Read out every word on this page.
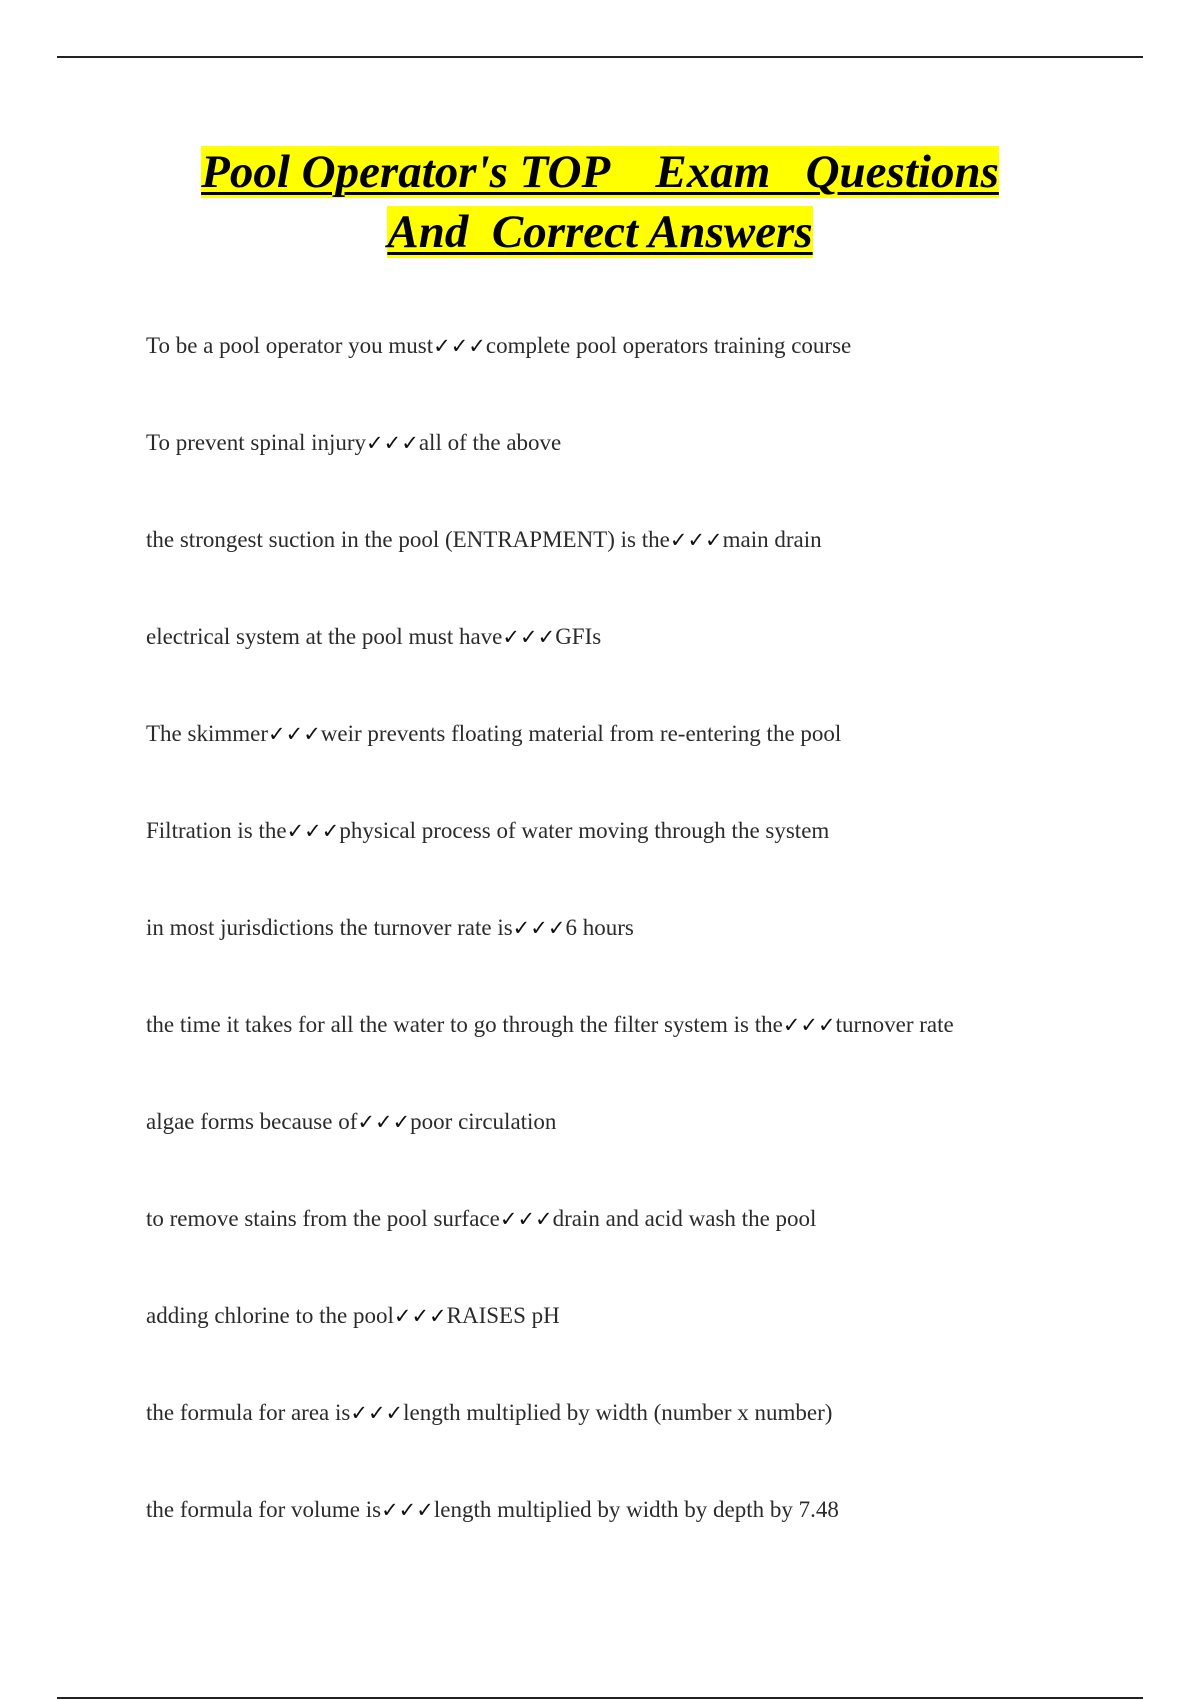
Pool Operator's TOP    Exam   Questions
And  Correct Answers
To be a pool operator you must✓✓✓complete pool operators training course
To prevent spinal injury✓✓✓all of the above
the strongest suction in the pool (ENTRAPMENT) is the✓✓✓main drain
electrical system at the pool must have✓✓✓GFIs
The skimmer✓✓✓weir prevents floating material from re-entering the pool
Filtration is the✓✓✓physical process of water moving through the system
in most jurisdictions the turnover rate is✓✓✓6 hours
the time it takes for all the water to go through the filter system is the✓✓✓turnover rate
algae forms because of✓✓✓poor circulation
to remove stains from the pool surface✓✓✓drain and acid wash the pool
adding chlorine to the pool✓✓✓RAISES pH
the formula for area is✓✓✓length multiplied by width (number x number)
the formula for volume is✓✓✓length multiplied by width by depth by 7.48
